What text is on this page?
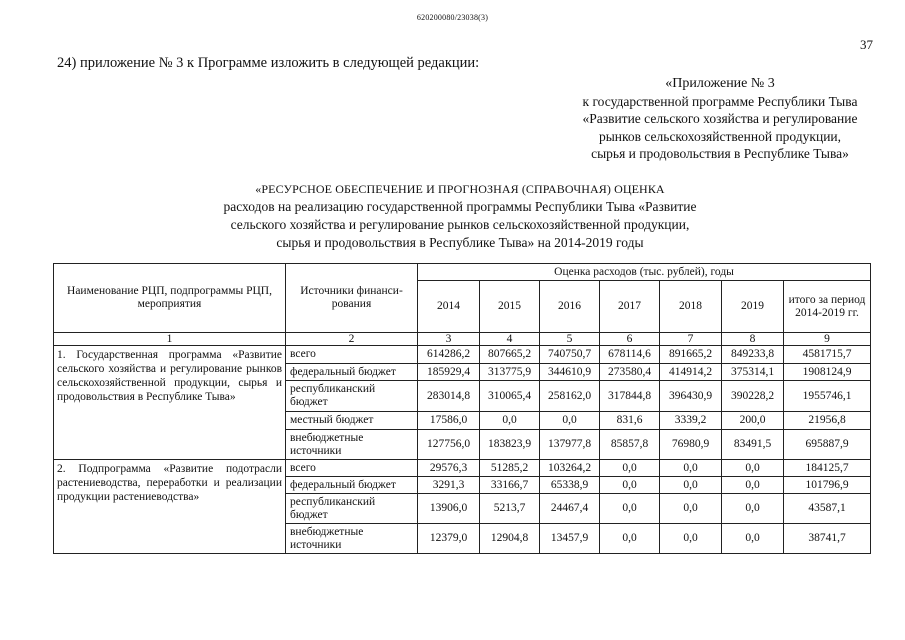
620200080/23038(3)
37
24) приложение № 3 к Программе изложить в следующей редакции:
«Приложение № 3
к государственной программе Республики Тыва
«Развитие сельского хозяйства и регулирование
рынков сельскохозяйственной продукции,
сырья и продовольствия в Республике Тыва»
«РЕСУРСНОЕ ОБЕСПЕЧЕНИЕ И ПРОГНОЗНАЯ (СПРАВОЧНАЯ) ОЦЕНКА
расходов на реализацию государственной программы Республики Тыва «Развитие
сельского хозяйства и регулирование рынков сельскохозяйственной продукции,
сырья и продовольствия в Республике Тыва» на 2014-2019 годы
Наименование РЦП, подпрограммы РЦП, мероприятия	Источники финанси-рования	Оценка расходов (тыс. рублей), годы						
		2014	2015	2016	2017	2018	2019	итого за период 2014-2019 гг.
1	2	3	4	5	6	7	8	9
1. Государственная программа «Развитие сельского хозяйства и регулирование рынков сельскохозяйственной продукции, сырья и продовольствия в Республике Тыва»	всего	614286,2	807665,2	740750,7	678114,6	891665,2	849233,8	4581715,7
	федеральный бюджет	185929,4	313775,9	344610,9	273580,4	414914,2	375314,1	1908124,9
	республиканский бюджет	283014,8	310065,4	258162,0	317844,8	396430,9	390228,2	1955746,1
	местный бюджет	17586,0	0,0	0,0	831,6	3339,2	200,0	21956,8
	внебюджетные источники	127756,0	183823,9	137977,8	85857,8	76980,9	83491,5	695887,9
2. Подпрограмма «Развитие подотрасли растениеводства, переработки и реализации продукции растениеводства»	всего	29576,3	51285,2	103264,2	0,0	0,0	0,0	184125,7
	федеральный бюджет	3291,3	33166,7	65338,9	0,0	0,0	0,0	101796,9
	республиканский бюджет	13906,0	5213,7	24467,4	0,0	0,0	0,0	43587,1
	внебюджетные источники	12379,0	12904,8	13457,9	0,0	0,0	0,0	38741,7
